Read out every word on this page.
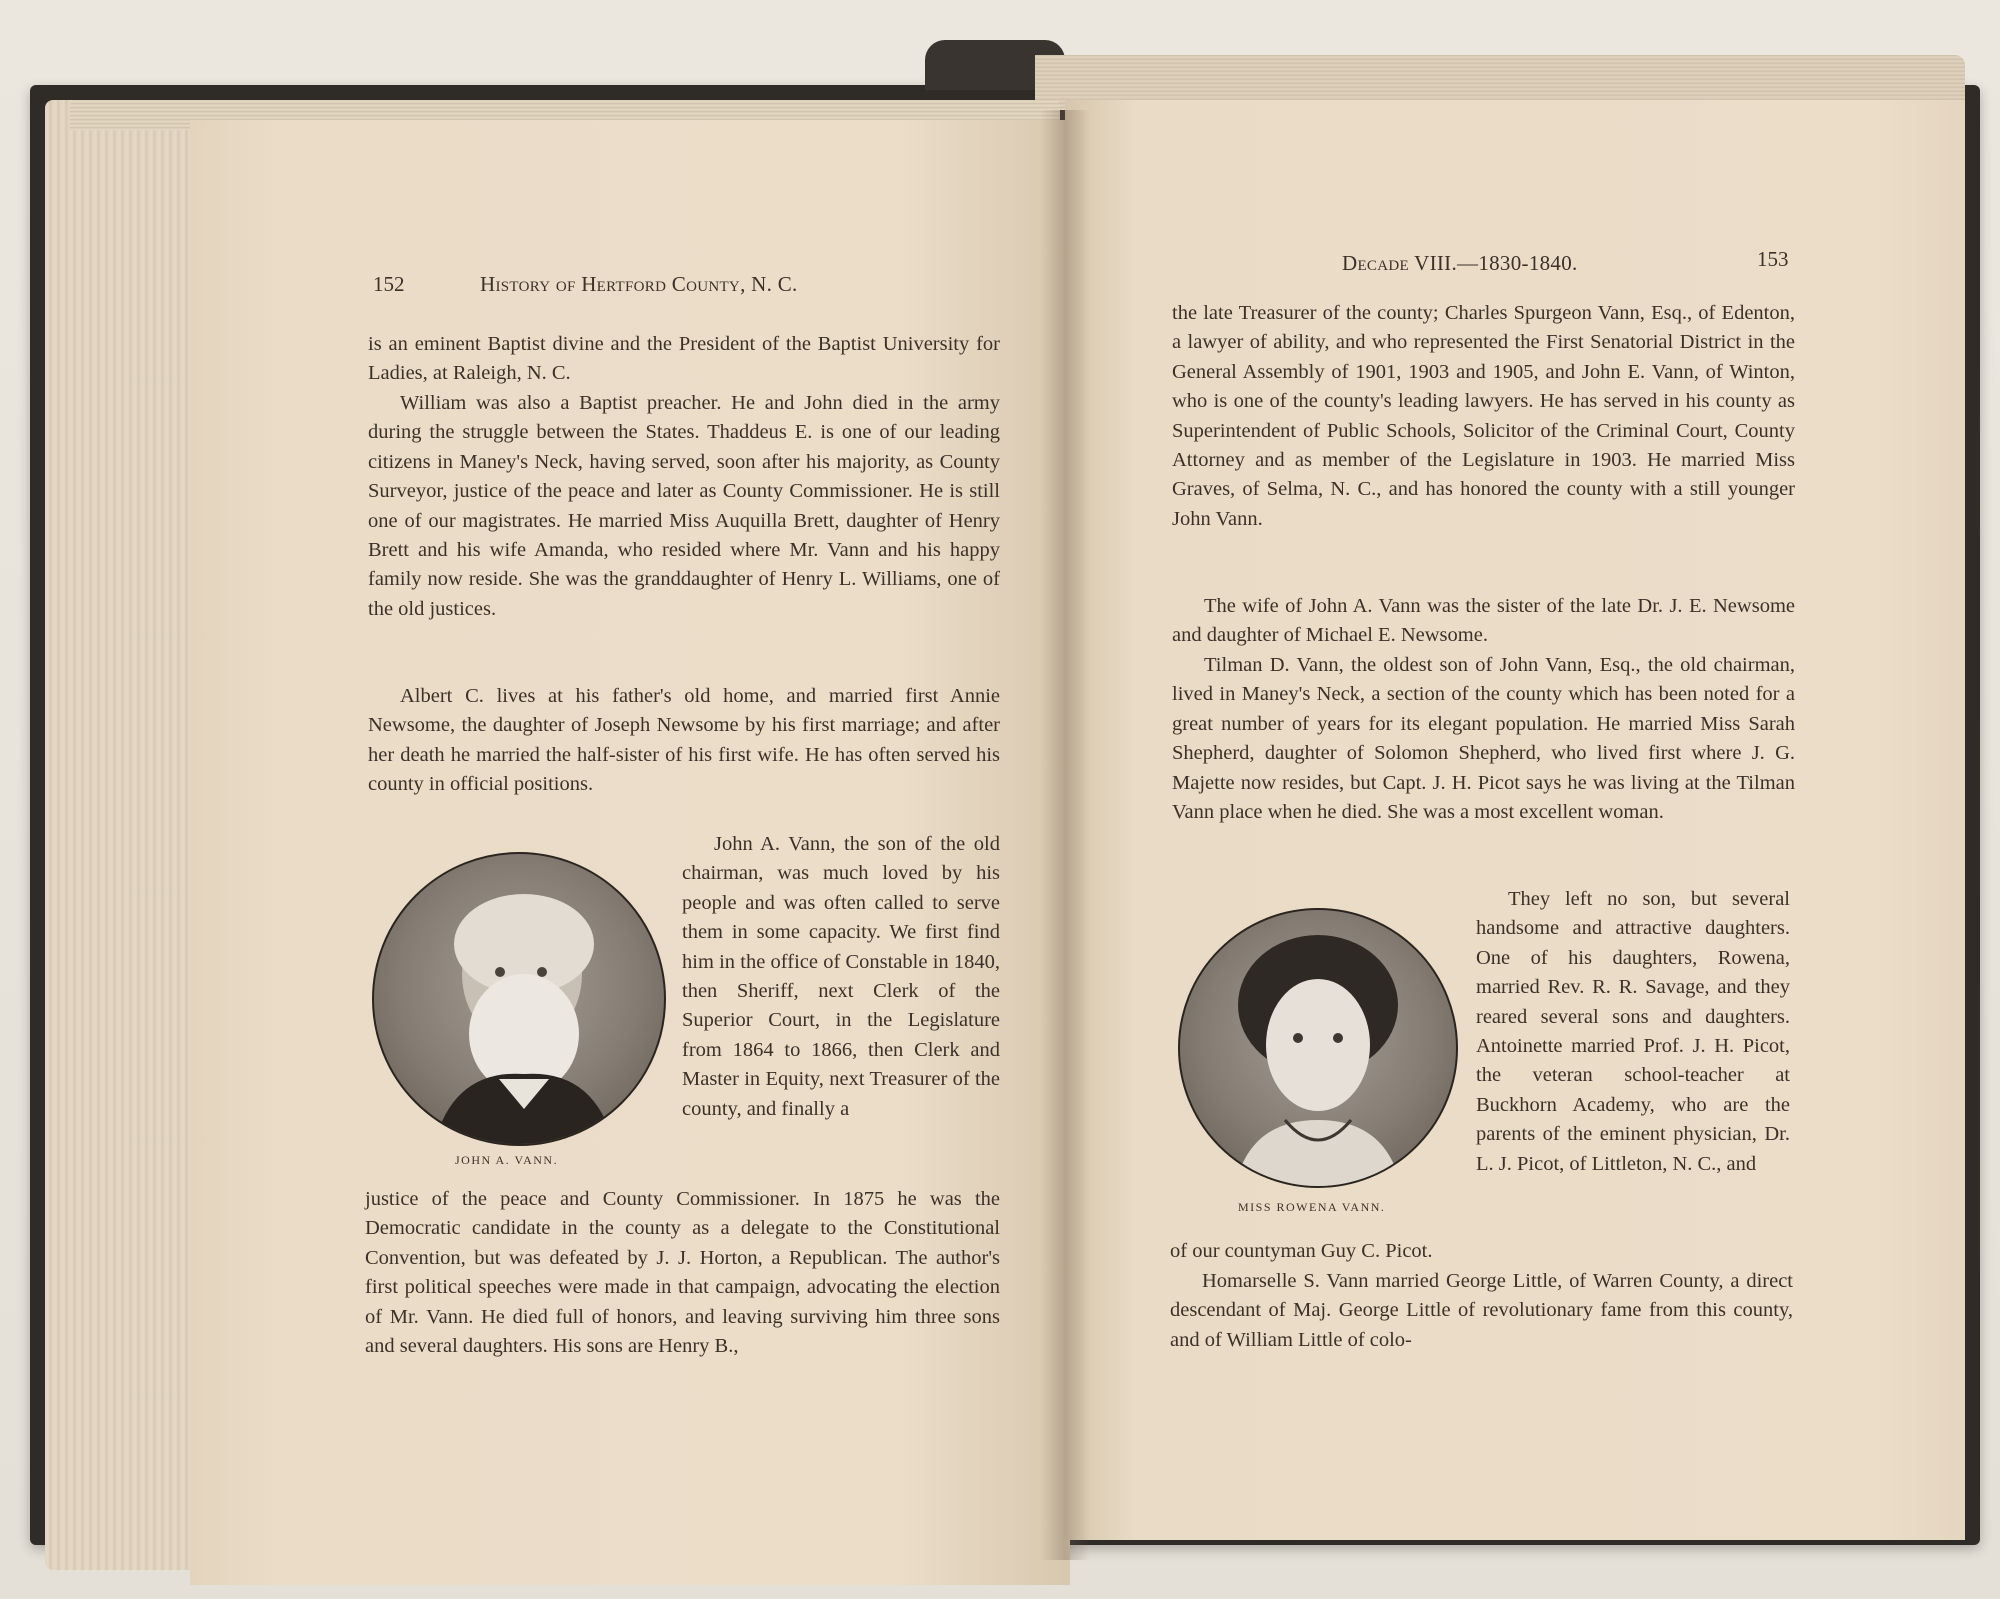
152	History of Hertford County, N. C.

is an eminent Baptist divine and the President of the Baptist University for Ladies, at Raleigh, N. C.

William was also a Baptist preacher. He and John died in the army during the struggle between the States. Thaddeus E. is one of our leading citizens in Maney's Neck, having served, soon after his majority, as County Surveyor, justice of the peace and later as County Commissioner. He is still one of our magistrates. He married Miss Auquilla Brett, daughter of Henry Brett and his wife Amanda, who resided where Mr. Vann and his happy family now reside. She was the granddaughter of Henry L. Williams, one of the old justices.

Albert C. lives at his father's old home, and married first Annie Newsome, the daughter of Joseph Newsome by his first marriage; and after her death he married the half-sister of his first wife. He has often served his county in official positions.

John A. Vann, the son of the old chairman, was much loved by his people and was often called to serve them in some capacity. We first find him in the office of Constable in 1840, then Sheriff, next Clerk of the Superior Court, in the Legislature from 1864 to 1866, then Clerk and Master in Equity, next Treasurer of the county, and finally a

justice of the peace and County Commissioner. In 1875 he was the Democratic candidate in the county as a delegate to the Constitutional Convention, but was defeated by J. J. Horton, a Republican. The author's first political speeches were made in that campaign, advocating the election of Mr. Vann. He died full of honors, and leaving surviving him three sons and several daughters. His sons are Henry B.,

JOHN A. VANN.
Decade VIII.—1830-1840.	153

the late Treasurer of the county; Charles Spurgeon Vann, Esq., of Edenton, a lawyer of ability, and who represented the First Senatorial District in the General Assembly of 1901, 1903 and 1905, and John E. Vann, of Winton, who is one of the county's leading lawyers. He has served in his county as Superintendent of Public Schools, Solicitor of the Criminal Court, County Attorney and as member of the Legislature in 1903. He married Miss Graves, of Selma, N. C., and has honored the county with a still younger John Vann.

The wife of John A. Vann was the sister of the late Dr. J. E. Newsome and daughter of Michael E. Newsome.

Tilman D. Vann, the oldest son of John Vann, Esq., the old chairman, lived in Maney's Neck, a section of the county which has been noted for a great number of years for its elegant population. He married Miss Sarah Shepherd, daughter of Solomon Shepherd, who lived first where J. G. Majette now resides, but Capt. J. H. Picot says he was living at the Tilman Vann place when he died. She was a most excellent woman.

They left no son, but several handsome and attractive daughters. One of his daughters, Rowena, married Rev. R. R. Savage, and they reared several sons and daughters. Antoinette married Prof. J. H. Picot, the veteran school-teacher at Buckhorn Academy, who are the parents of the eminent physician, Dr. L. J. Picot, of Littleton, N. C., and

of our countyman Guy C. Picot.

Homarselle S. Vann married George Little, of Warren County, a direct descendant of Maj. George Little of revolutionary fame from this county, and of William Little of colo-

MISS ROWENA VANN.
